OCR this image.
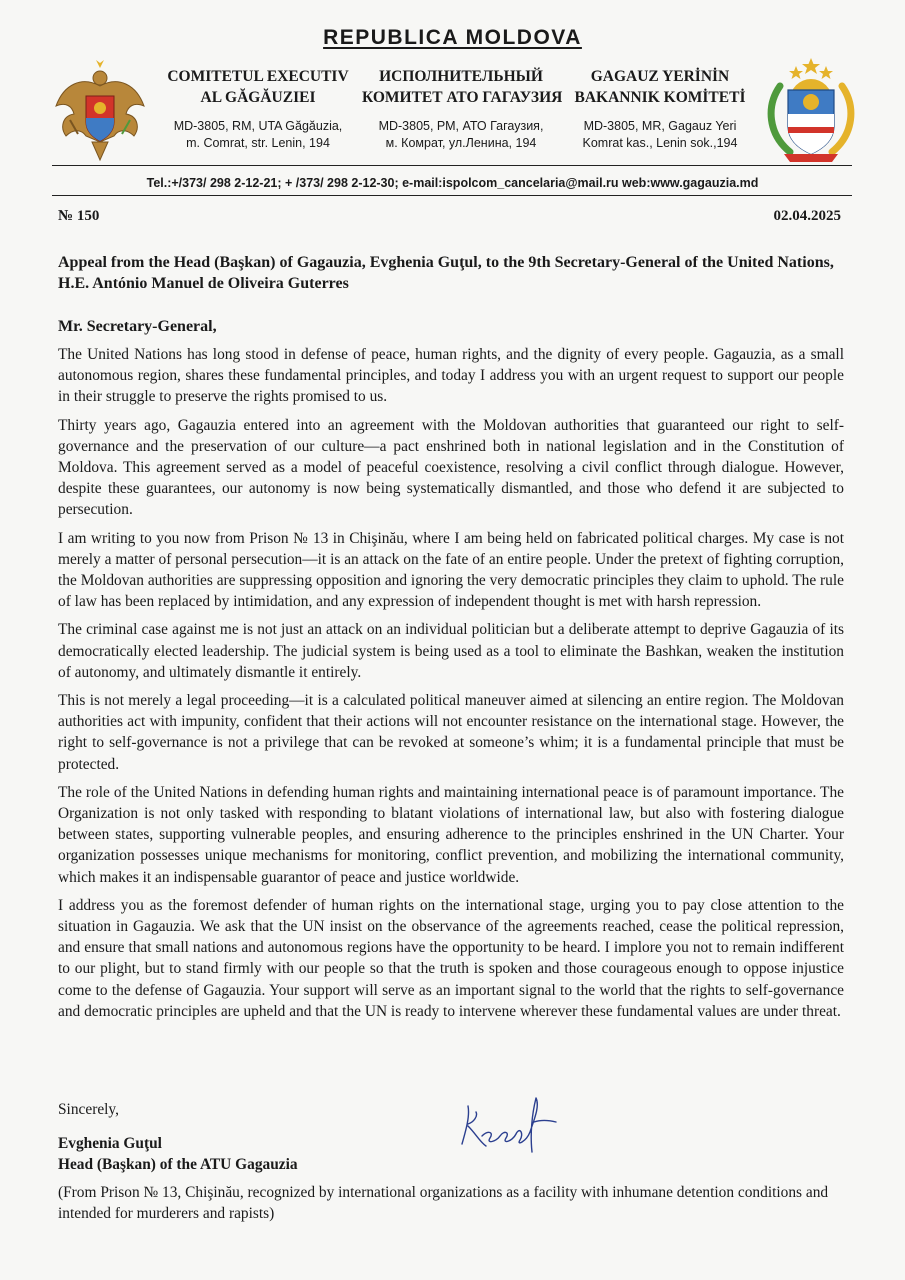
REPUBLICA MOLDOVA
COMITETUL EXECUTIV
AL GĂGĂUZIEI
MD-3805, RM, UTA Găgăuzia,
m. Comrat, str. Lenin, 194
ИСПОЛНИТЕЛЬНЫЙ
КОМИТЕТ АТО ГАГАУЗИЯ
MD-3805, РМ, АТО Гагаузия,
м. Комрат, ул.Ленина, 194
GAGAUZ YERİNİN
BAKANNIK KOMİTETİ
MD-3805, MR, Gagauz Yeri
Komrat kas., Lenin sok.,194
Tel.:+/373/ 298 2-12-21; + /373/ 298 2-12-30; e-mail:ispolcom_cancelaria@mail.ru web:www.gagauzia.md
№ 150	02.04.2025
Appeal from the Head (Başkan) of Gagauzia, Evghenia Guţul, to the 9th Secretary-General of the United Nations, H.E. António Manuel de Oliveira Guterres

Mr. Secretary-General,

The United Nations has long stood in defense of peace, human rights, and the dignity of every people. Gagauzia, as a small autonomous region, shares these fundamental principles, and today I address you with an urgent request to support our people in their struggle to preserve the rights promised to us.

Thirty years ago, Gagauzia entered into an agreement with the Moldovan authorities that guaranteed our right to self-governance and the preservation of our culture—a pact enshrined both in national legislation and in the Constitution of Moldova. This agreement served as a model of peaceful coexistence, resolving a civil conflict through dialogue. However, despite these guarantees, our autonomy is now being systematically dismantled, and those who defend it are subjected to persecution.

I am writing to you now from Prison № 13 in Chişinău, where I am being held on fabricated political charges. My case is not merely a matter of personal persecution—it is an attack on the fate of an entire people. Under the pretext of fighting corruption, the Moldovan authorities are suppressing opposition and ignoring the very democratic principles they claim to uphold. The rule of law has been replaced by intimidation, and any expression of independent thought is met with harsh repression.

The criminal case against me is not just an attack on an individual politician but a deliberate attempt to deprive Gagauzia of its democratically elected leadership. The judicial system is being used as a tool to eliminate the Bashkan, weaken the institution of autonomy, and ultimately dismantle it entirely.

This is not merely a legal proceeding—it is a calculated political maneuver aimed at silencing an entire region. The Moldovan authorities act with impunity, confident that their actions will not encounter resistance on the international stage. However, the right to self-governance is not a privilege that can be revoked at someone’s whim; it is a fundamental principle that must be protected.

The role of the United Nations in defending human rights and maintaining international peace is of paramount importance. The Organization is not only tasked with responding to blatant violations of international law, but also with fostering dialogue between states, supporting vulnerable peoples, and ensuring adherence to the principles enshrined in the UN Charter. Your organization possesses unique mechanisms for monitoring, conflict prevention, and mobilizing the international community, which makes it an indispensable guarantor of peace and justice worldwide.

I address you as the foremost defender of human rights on the international stage, urging you to pay close attention to the situation in Gagauzia. We ask that the UN insist on the observance of the agreements reached, cease the political repression, and ensure that small nations and autonomous regions have the opportunity to be heard. I implore you not to remain indifferent to our plight, but to stand firmly with our people so that the truth is spoken and those courageous enough to oppose injustice come to the defense of Gagauzia. Your support will serve as an important signal to the world that the rights to self-governance and democratic principles are upheld and that the UN is ready to intervene wherever these fundamental values are under threat.

Sincerely,
Evghenia Guţul
Head (Başkan) of the ATU Gagauzia
(From Prison № 13, Chişinău, recognized by international organizations as a facility with inhumane detention conditions and intended for murderers and rapists)
